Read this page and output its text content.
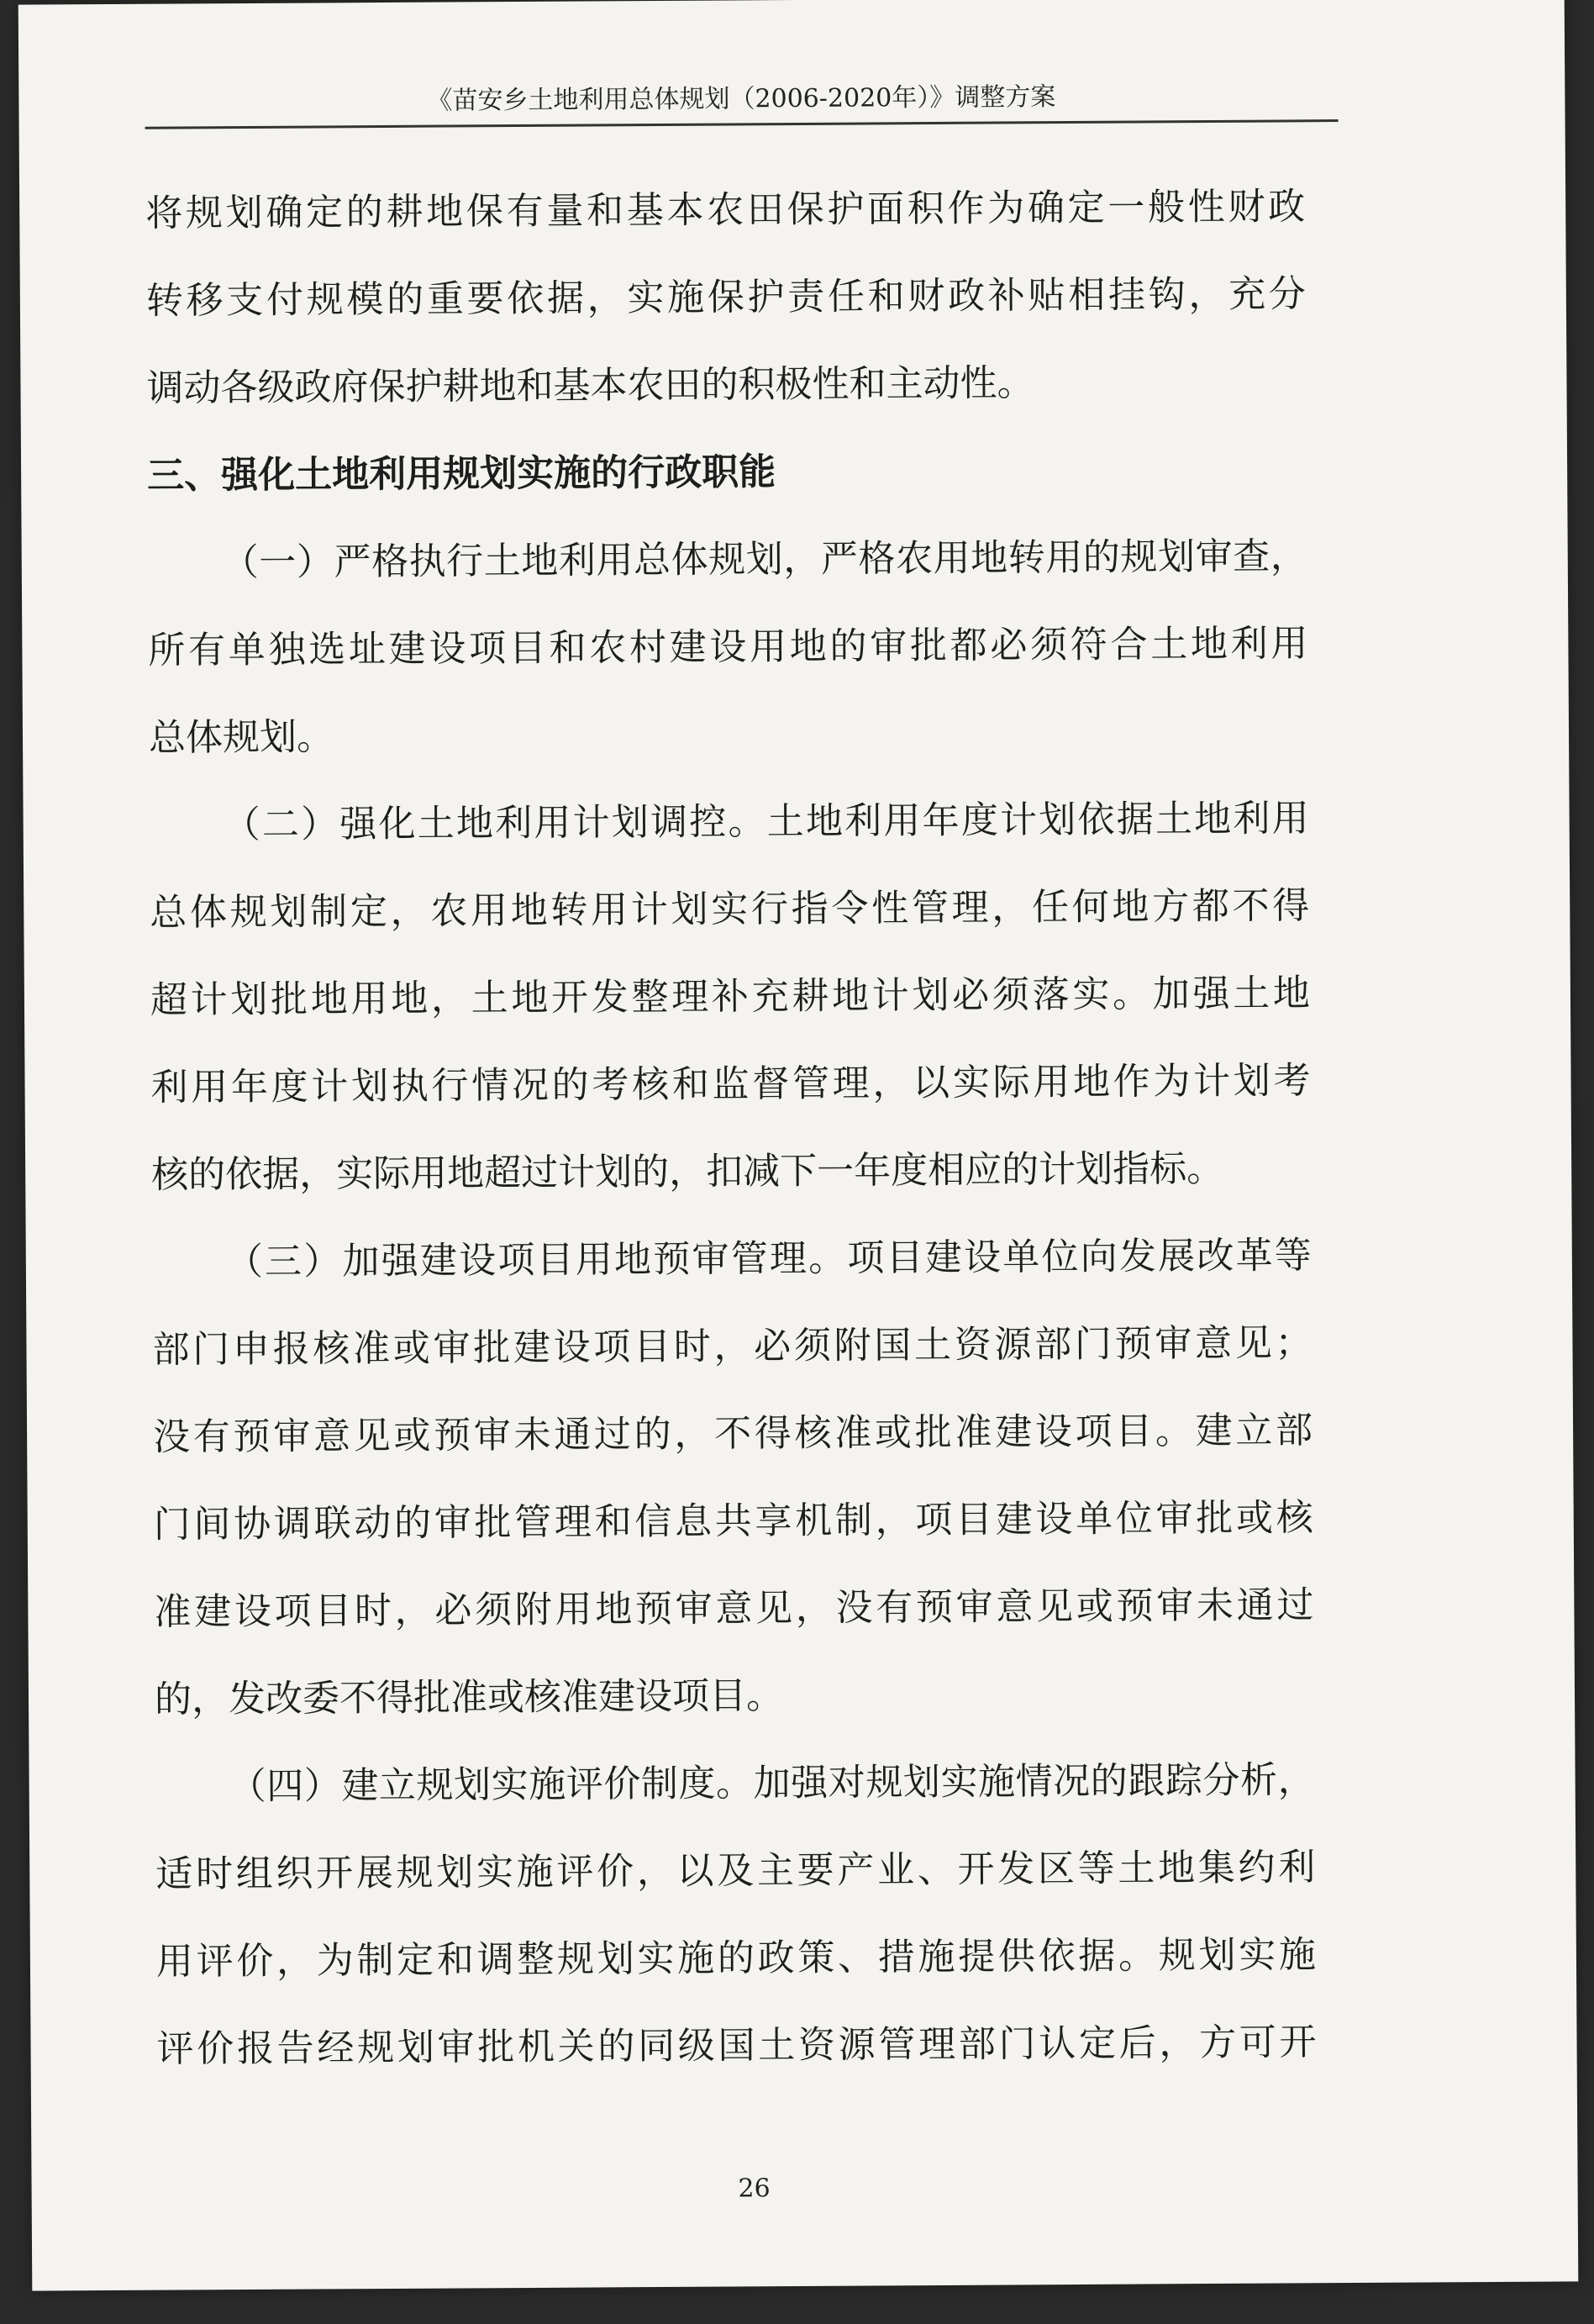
《苗安乡土地利用总体规划（2006-2020年）》调整方案
将规划确定的耕地保有量和基本农田保护面积作为确定一般性财政
转移支付规模的重要依据，实施保护责任和财政补贴相挂钩，充分
调动各级政府保护耕地和基本农田的积极性和主动性。
三、强化土地利用规划实施的行政职能
（一）严格执行土地利用总体规划，严格农用地转用的规划审查，
所有单独选址建设项目和农村建设用地的审批都必须符合土地利用
总体规划。
（二）强化土地利用计划调控。土地利用年度计划依据土地利用
总体规划制定，农用地转用计划实行指令性管理，任何地方都不得
超计划批地用地，土地开发整理补充耕地计划必须落实。加强土地
利用年度计划执行情况的考核和监督管理，以实际用地作为计划考
核的依据，实际用地超过计划的，扣减下一年度相应的计划指标。
（三）加强建设项目用地预审管理。项目建设单位向发展改革等
部门申报核准或审批建设项目时，必须附国土资源部门预审意见；
没有预审意见或预审未通过的，不得核准或批准建设项目。建立部
门间协调联动的审批管理和信息共享机制，项目建设单位审批或核
准建设项目时，必须附用地预审意见，没有预审意见或预审未通过
的，发改委不得批准或核准建设项目。
（四）建立规划实施评价制度。加强对规划实施情况的跟踪分析，
适时组织开展规划实施评价，以及主要产业、开发区等土地集约利
用评价，为制定和调整规划实施的政策、措施提供依据。规划实施
评价报告经规划审批机关的同级国土资源管理部门认定后，方可开
26
